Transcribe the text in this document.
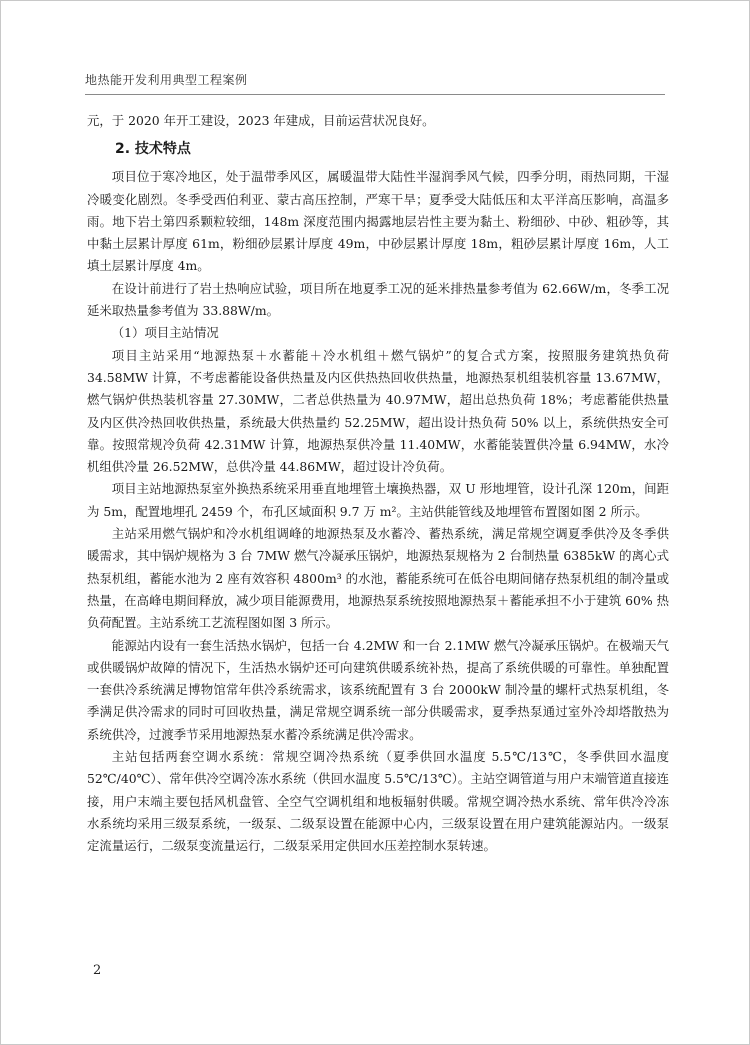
地热能开发利用典型工程案例

元，于 2020 年开工建设，2023 年建成，目前运营状况良好。

2. 技术特点

项目位于寒冷地区，处于温带季风区，属暖温带大陆性半湿润季风气候，四季分明，雨热同期，干湿冷暖变化剧烈。冬季受西伯利亚、蒙古高压控制，严寒干旱；夏季受大陆低压和太平洋高压影响，高温多雨。地下岩土第四系颗粒较细，148m 深度范围内揭露地层岩性主要为黏土、粉细砂、中砂、粗砂等，其中黏土层累计厚度 61m，粉细砂层累计厚度 49m，中砂层累计厚度 18m，粗砂层累计厚度 16m，人工填土层累计厚度 4m。

在设计前进行了岩土热响应试验，项目所在地夏季工况的延米排热量参考值为 62.66W/m，冬季工况延米取热量参考值为 33.88W/m。

（1）项目主站情况

项目主站采用“地源热泵＋水蓄能＋冷水机组＋燃气锅炉”的复合式方案，按照服务建筑热负荷 34.58MW 计算，不考虑蓄能设备供热量及内区供热热回收供热量，地源热泵机组装机容量 13.67MW，燃气锅炉供热装机容量 27.30MW，二者总供热量为 40.97MW，超出总热负荷 18%；考虑蓄能供热量及内区供冷热回收供热量，系统最大供热量约 52.25MW，超出设计热负荷 50% 以上，系统供热安全可靠。按照常规冷负荷 42.31MW 计算，地源热泵供冷量 11.40MW，水蓄能装置供冷量 6.94MW，水冷机组供冷量 26.52MW，总供冷量 44.86MW，超过设计冷负荷。

项目主站地源热泵室外换热系统采用垂直地埋管土壤换热器，双 U 形地埋管，设计孔深 120m，间距为 5m，配置地埋孔 2459 个，布孔区域面积 9.7 万 m²。主站供能管线及地埋管布置图如图 2 所示。

主站采用燃气锅炉和冷水机组调峰的地源热泵及水蓄冷、蓄热系统，满足常规空调夏季供冷及冬季供暖需求，其中锅炉规格为 3 台 7MW 燃气冷凝承压锅炉，地源热泵规格为 2 台制热量 6385kW 的离心式热泵机组，蓄能水池为 2 座有效容积 4800m³ 的水池，蓄能系统可在低谷电期间储存热泵机组的制冷量或热量，在高峰电期间释放，减少项目能源费用，地源热泵系统按照地源热泵＋蓄能承担不小于建筑 60% 热负荷配置。主站系统工艺流程图如图 3 所示。

能源站内设有一套生活热水锅炉，包括一台 4.2MW 和一台 2.1MW 燃气冷凝承压锅炉。在极端天气或供暖锅炉故障的情况下，生活热水锅炉还可向建筑供暖系统补热，提高了系统供暖的可靠性。单独配置一套供冷系统满足博物馆常年供冷系统需求，该系统配置有 3 台 2000kW 制冷量的螺杆式热泵机组，冬季满足供冷需求的同时可回收热量，满足常规空调系统一部分供暖需求，夏季热泵通过室外冷却塔散热为系统供冷，过渡季节采用地源热泵水蓄冷系统满足供冷需求。

主站包括两套空调水系统：常规空调冷热系统（夏季供回水温度 5.5℃/13℃，冬季供回水温度 52℃/40℃）、常年供冷空调冷冻水系统（供回水温度 5.5℃/13℃）。主站空调管道与用户末端管道直接连接，用户末端主要包括风机盘管、全空气空调机组和地板辐射供暖。常规空调冷热水系统、常年供冷冷冻水系统均采用三级泵系统，一级泵、二级泵设置在能源中心内，三级泵设置在用户建筑能源站内。一级泵定流量运行，二级泵变流量运行，二级泵采用定供回水压差控制水泵转速。

2
